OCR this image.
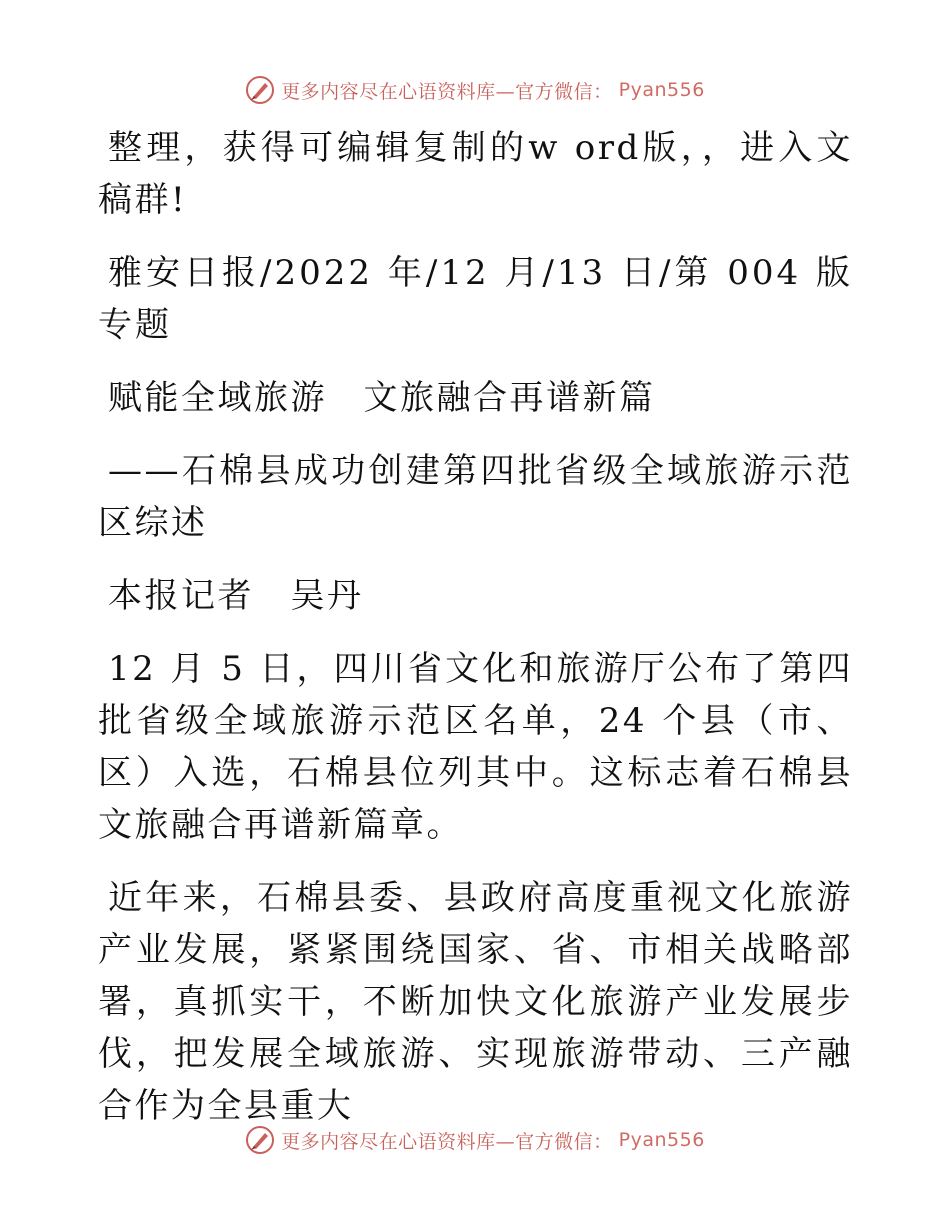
更多内容尽在心语资料库—官方微信： Pyan556

整理，获得可编辑复制的w ord版，，进入文稿群!

雅安日报/2022 年/12 月/13 日/第 004 版专题

赋能全域旅游　文旅融合再谱新篇

——石棉县成功创建第四批省级全域旅游示范区综述

本报记者　吴丹

12 月 5 日，四川省文化和旅游厅公布了第四批省级全域旅游示范区名单，24 个县（市、区）入选，石棉县位列其中。这标志着石棉县文旅融合再谱新篇章。

近年来，石棉县委、县政府高度重视文化旅游产业发展，紧紧围绕国家、省、市相关战略部署，真抓实干，不断加快文化旅游产业发展步伐，把发展全域旅游、实现旅游带动、三产融合作为全县重大

更多内容尽在心语资料库—官方微信： Pyan556
